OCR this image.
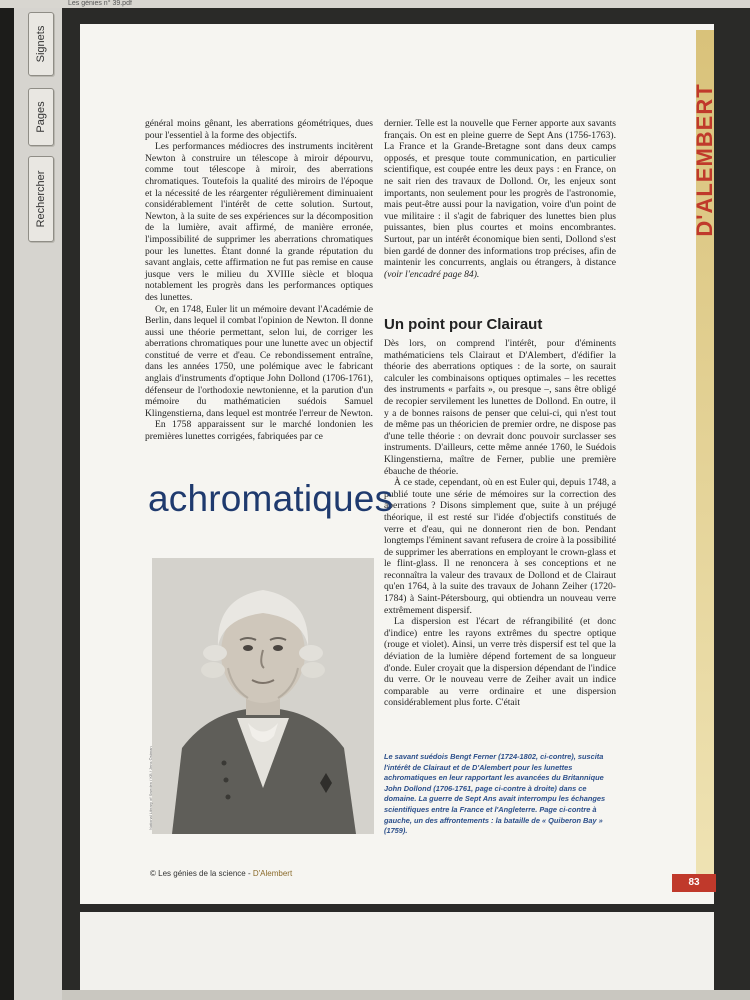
Les génies n° 39.pdf
Signets
Pages
Rechercher	D'ALEMBERT

général moins gênant, les aberrations géométriques, dues pour l'essentiel à la forme des objectifs.

Les performances médiocres des instruments incitèrent Newton à construire un télescope à miroir dépourvu, comme tout télescope à miroir, des aberrations chromatiques. Toutefois la qualité des miroirs de l'époque et la nécessité de les réargenter régulièrement diminuaient considérablement l'intérêt de cette solution. Surtout, Newton, à la suite de ses expériences sur la décomposition de la lumière, avait affirmé, de manière erronée, l'impossibilité de supprimer les aberrations chromatiques pour les lunettes. Étant donné la grande réputation du savant anglais, cette affirmation ne fut pas remise en cause jusque vers le milieu du XVIIIe siècle et bloqua notablement les progrès dans les performances optiques des lunettes.

Or, en 1748, Euler lit un mémoire devant l'Académie de Berlin, dans lequel il combat l'opinion de Newton. Il donne aussi une théorie permettant, selon lui, de corriger les aberrations chromatiques pour une lunette avec un objectif constitué de verre et d'eau. Ce rebondissement entraîne, dans les années 1750, une polémique avec le fabricant anglais d'instruments d'optique John Dollond (1706-1761), défenseur de l'orthodoxie newtonienne, et la parution d'un mémoire du mathématicien suédois Samuel Klingenstierna, dans lequel est montrée l'erreur de Newton.

En 1758 apparaissent sur le marché londonien les premières lunettes corrigées, fabriquées par ce

dernier. Telle est la nouvelle que Ferner apporte aux savants français. On est en pleine guerre de Sept Ans (1756-1763). La France et la Grande-Bretagne sont dans deux camps opposés, et presque toute communication, en particulier scientifique, est coupée entre les deux pays : en France, on ne sait rien des travaux de Dollond. Or, les enjeux sont importants, non seulement pour les progrès de l'astronomie, mais peut-être aussi pour la navigation, voire d'un point de vue militaire : il s'agit de fabriquer des lunettes bien plus puissantes, bien plus courtes et moins encombrantes. Surtout, par un intérêt économique bien senti, Dollond s'est bien gardé de donner des informations trop précises, afin de maintenir les concurrents, anglais ou étrangers, à distance (voir l'encadré page 84).

Un point pour Clairaut

Dès lors, on comprend l'intérêt, pour d'éminents mathématiciens tels Clairaut et D'Alembert, d'édifier la théorie des aberrations optiques : de la sorte, on saurait calculer les combinaisons optiques optimales – les recettes des instruments « parfaits », ou presque –, sans être obligé de recopier servilement les lunettes de Dollond. En outre, il y a de bonnes raisons de penser que celui-ci, qui n'est tout de même pas un théoricien de premier ordre, ne dispose pas d'une telle théorie : on devrait donc pouvoir surclasser ses instruments. D'ailleurs, cette même année 1760, le Suédois Klingenstierna, maître de Ferner, publie une première ébauche de théorie.

À ce stade, cependant, où en est Euler qui, depuis 1748, a publié toute une série de mémoires sur la correction des aberrations ? Disons simplement que, suite à un préjugé théorique, il est resté sur l'idée d'objectifs constitués de verre et d'eau, qui ne donneront rien de bon. Pendant longtemps l'éminent savant refusera de croire à la possibilité de supprimer les aberrations en employant le crown-glass et le flint-glass. Il ne renoncera à ses conceptions et ne reconnaîtra la valeur des travaux de Dollond et de Clairaut qu'en 1764, à la suite des travaux de Johann Zeiher (1720-1784) à Saint-Pétersbourg, qui obtiendra un nouveau verre extrêmement dispersif.

La dispersion est l'écart de réfrangibilité (et donc d'indice) entre les rayons extrêmes du spectre optique (rouge et violet). Ainsi, un verre très dispersif est tel que la déviation de la lumière dépend fortement de sa longueur d'onde. Euler croyait que la dispersion dépendant de l'indice du verre. Or le nouveau verre de Zeiher avait un indice comparable au verre ordinaire et une dispersion considérablement plus forte. C'était

achromatiques
National Library of Sweden / KB / Jens Östman	Le savant suédois Bengt Ferner (1724-1802, ci-contre), suscita l'intérêt de Clairaut et de D'Alembert pour les lunettes achromatiques en leur rapportant les avancées du Britannique John Dollond (1706-1761, page ci-contre à droite) dans ce domaine. La guerre de Sept Ans avait interrompu les échanges scientifiques entre la France et l'Angleterre. Page ci-contre à gauche, un des affrontements : la bataille de « Quiberon Bay » (1759).
© Les génies de la science - D'Alembert
83
